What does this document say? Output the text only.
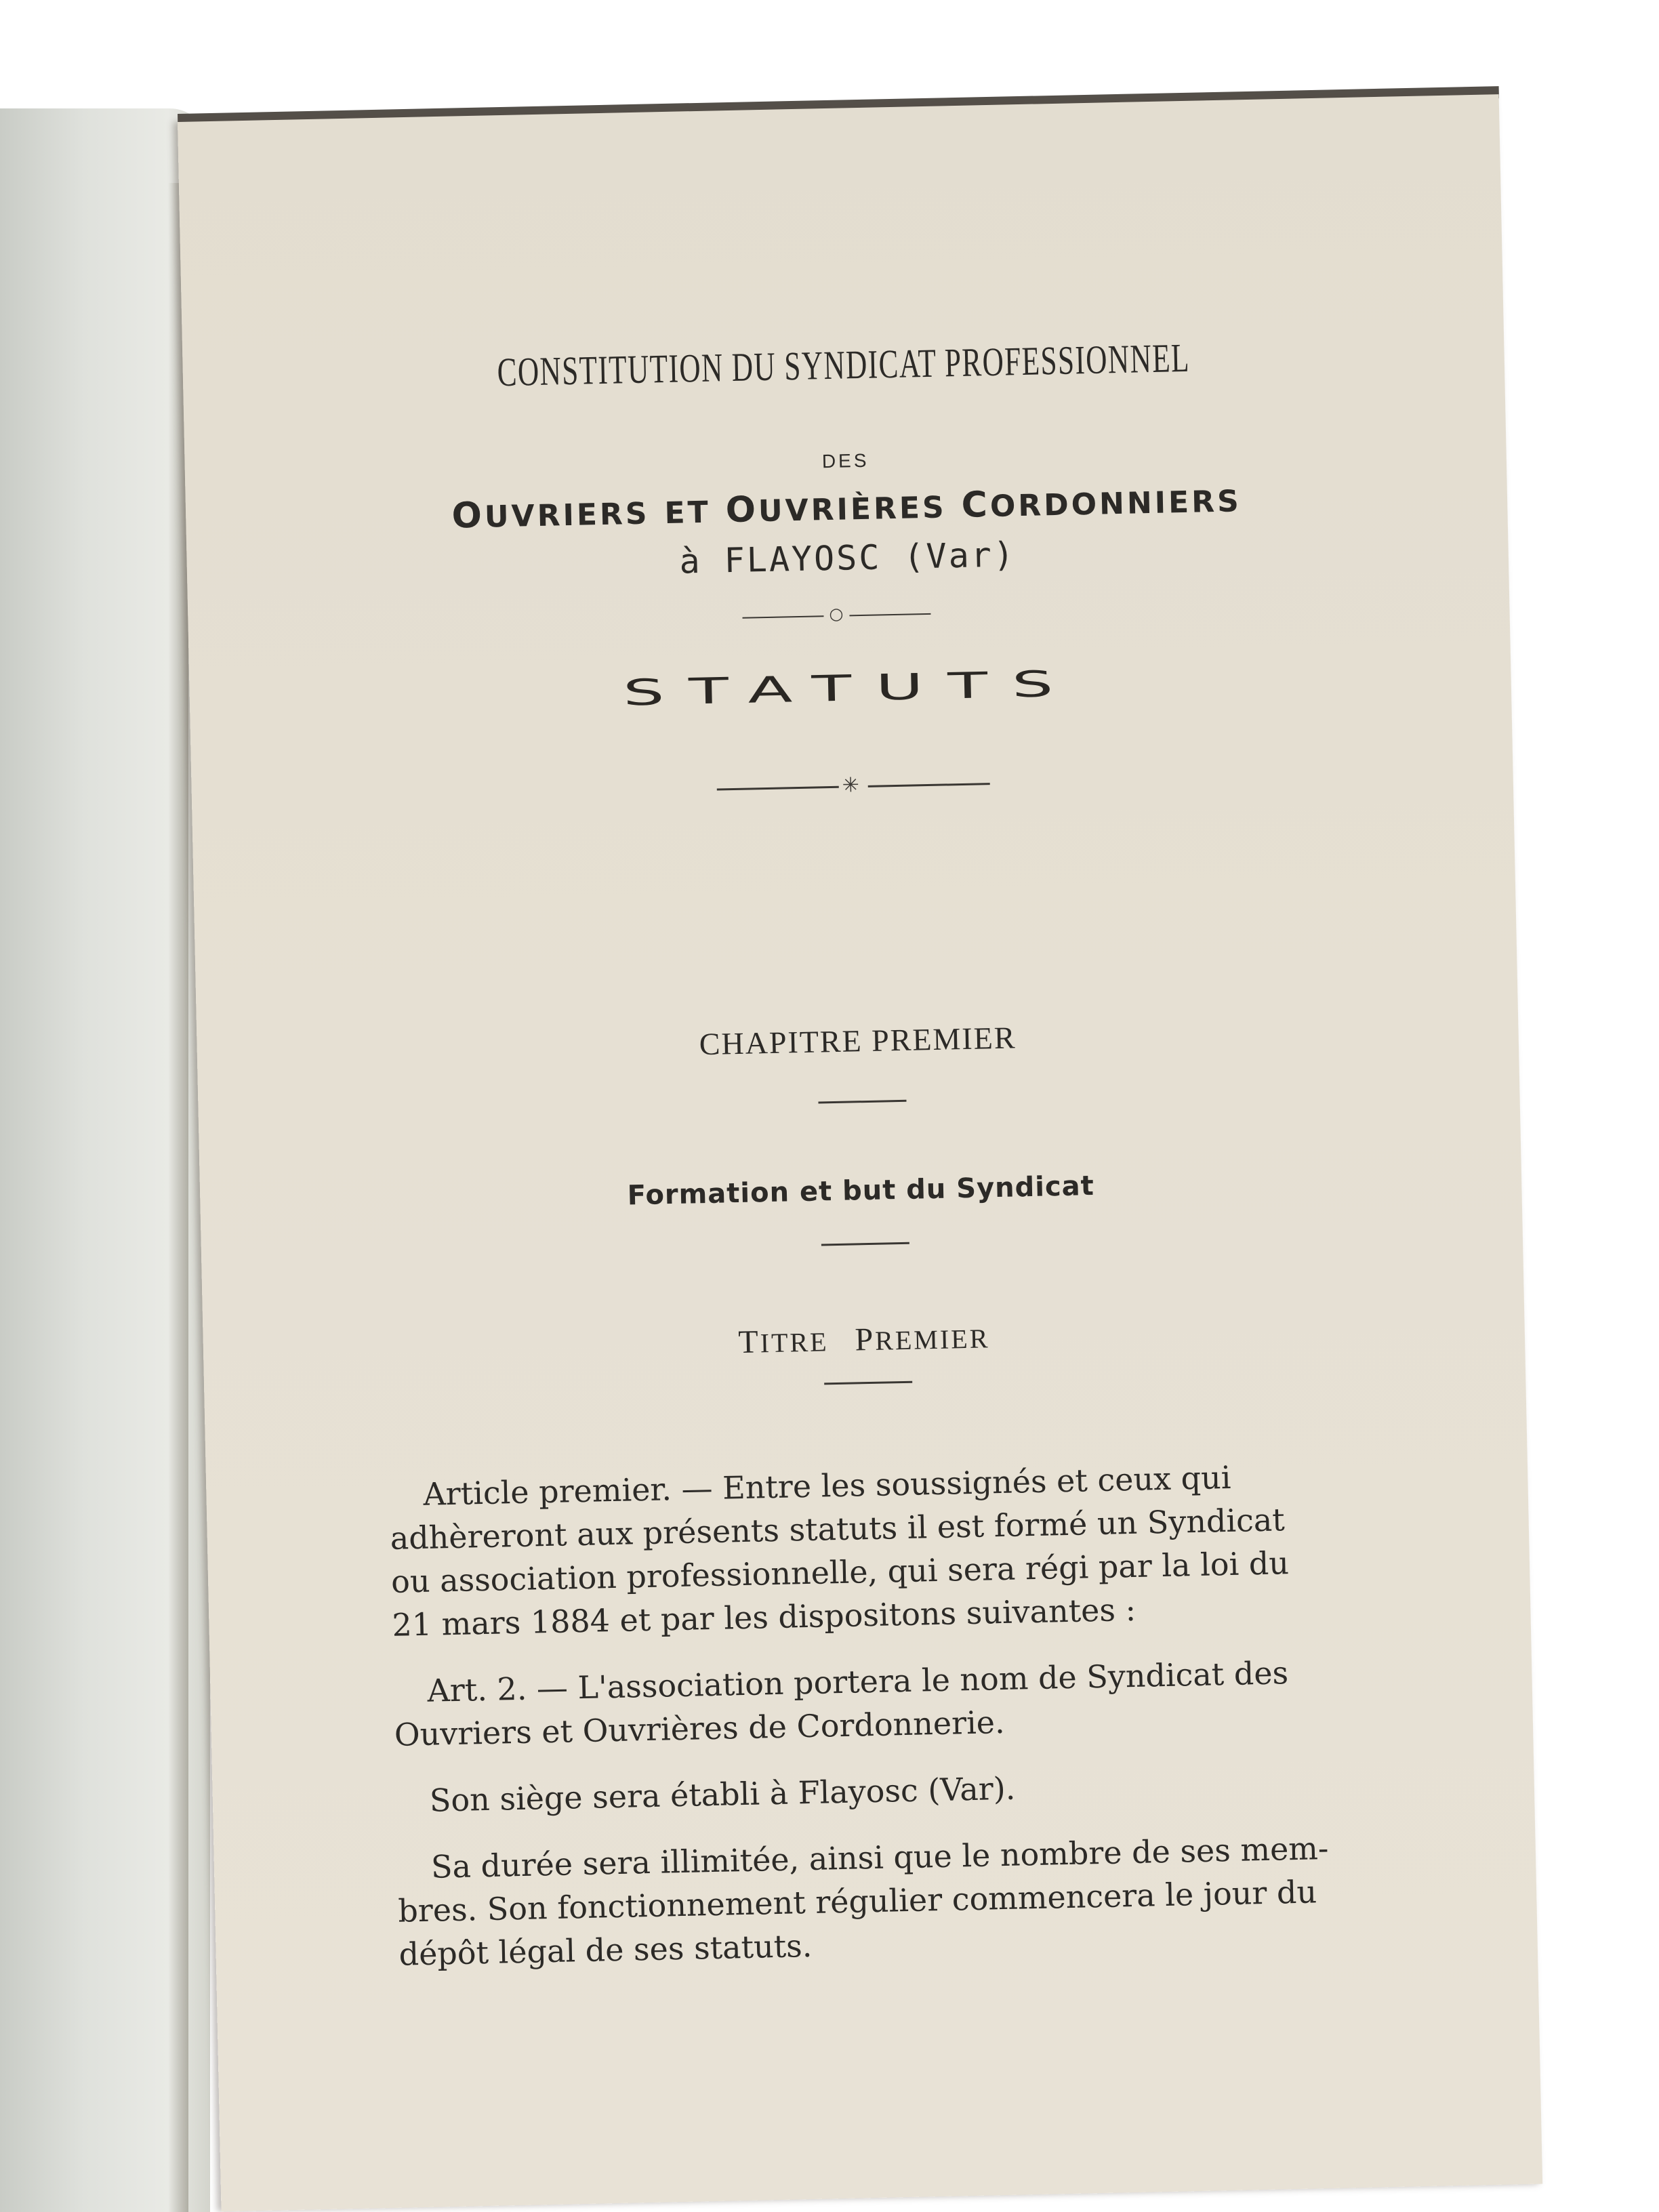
CONSTITUTION DU SYNDICAT PROFESSIONNEL
DES
OUVRIERS ET OUVRIÈRES CORDONNIERS
à FLAYOSC (Var)
○
STATUTS
✳
CHAPITRE PREMIER
Formation et but du Syndicat
TITRE PREMIER
Article premier. — Entre les soussignés et ceux qui
adhèreront aux présents statuts il est formé un Syndicat
ou association professionnelle, qui sera régi par la loi du
21 mars 1884 et par les dispositons suivantes :
Art. 2. — L'association portera le nom de Syndicat des
Ouvriers et Ouvrières de Cordonnerie.
Son siège sera établi à Flayosc (Var).
Sa durée sera illimitée, ainsi que le nombre de ses mem-
bres. Son fonctionnement régulier commencera le jour du
dépôt légal de ses statuts.
